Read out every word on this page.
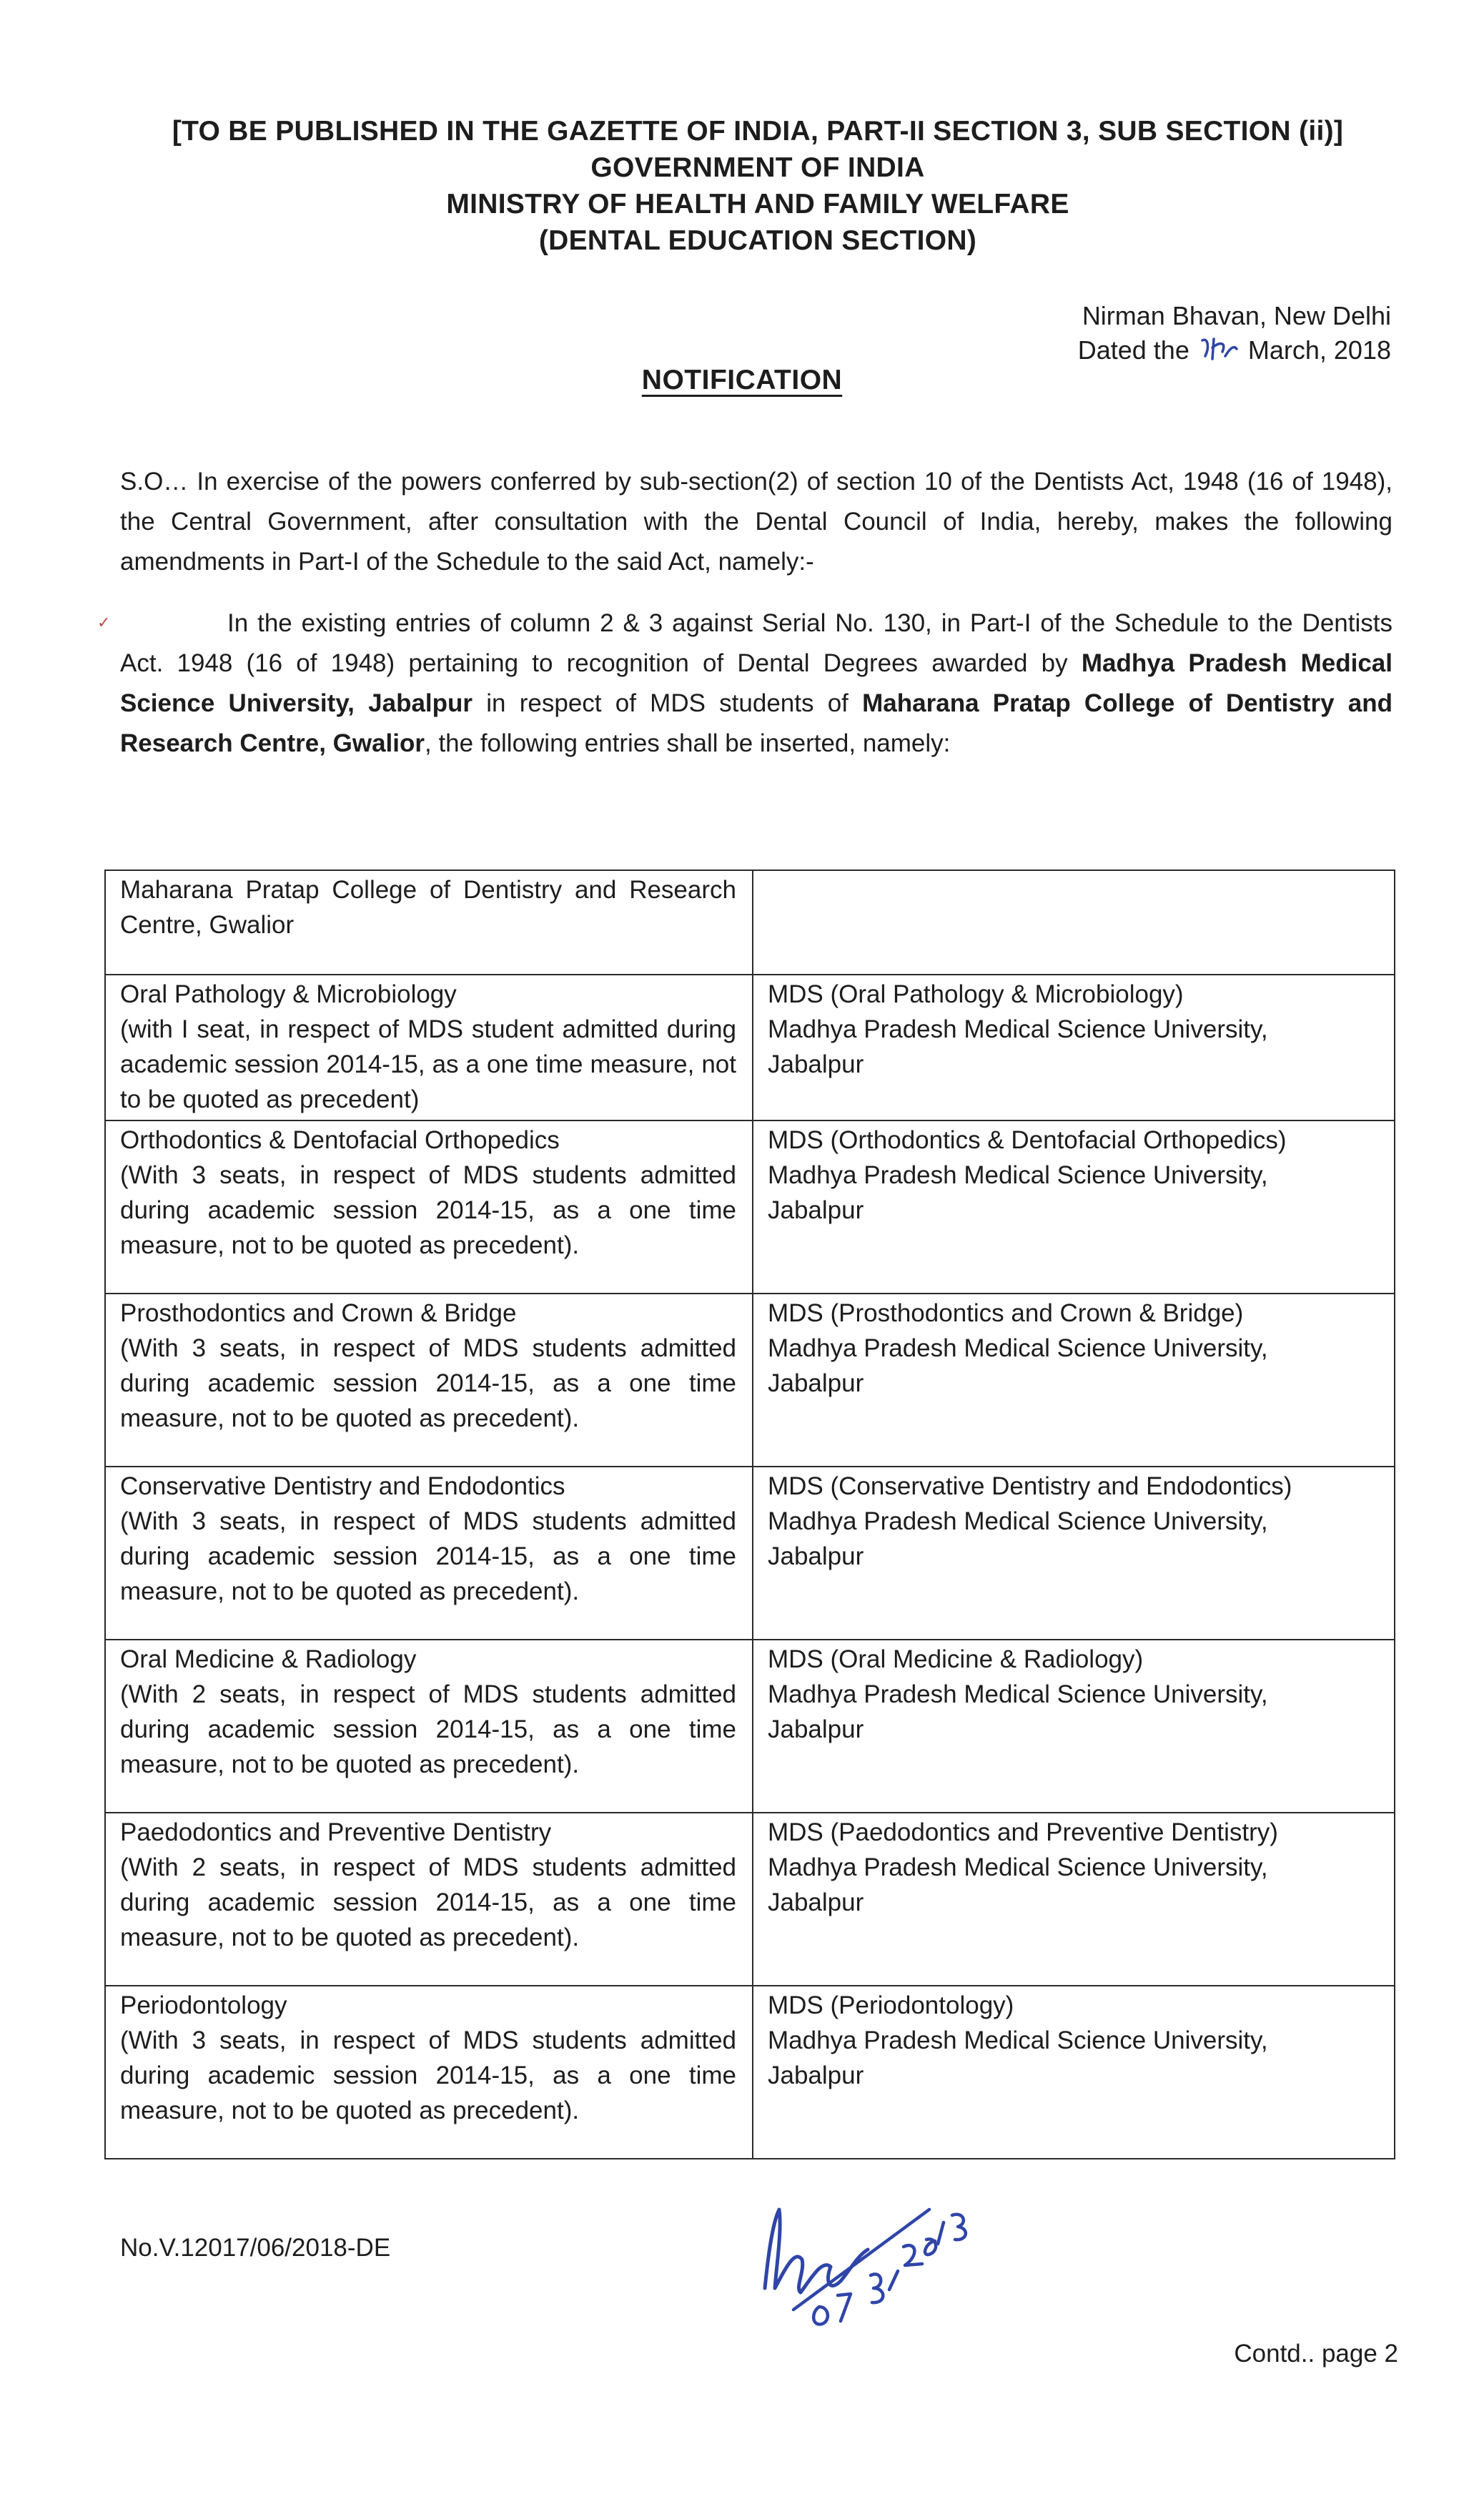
[TO BE PUBLISHED IN THE GAZETTE OF INDIA, PART-II SECTION 3, SUB SECTION (ii)]
GOVERNMENT OF INDIA
MINISTRY OF HEALTH AND FAMILY WELFARE
(DENTAL EDUCATION SECTION)
Nirman Bhavan, New Delhi
Dated the March, 2018
NOTIFICATION
S.O… In exercise of the powers conferred by sub-section(2) of section 10 of the Dentists Act, 1948 (16 of 1948), the Central Government, after consultation with the Dental Council of India, hereby, makes the following amendments in Part-I of the Schedule to the said Act, namely:-
✓	In the existing entries of column 2 & 3 against Serial No. 130, in Part-I of the Schedule to the Dentists Act. 1948 (16 of 1948) pertaining to recognition of Dental Degrees awarded by Madhya Pradesh Medical Science University, Jabalpur in respect of MDS students of Maharana Pratap College of Dentistry and Research Centre, Gwalior, the following entries shall be inserted, namely:
Maharana Pratap College of Dentistry and Research Centre, Gwalior	

Oral Pathology & Microbiology
(with I seat, in respect of MDS student admitted during academic session 2014-15, as a one time measure, not to be quoted as precedent)	MDS (Oral Pathology & Microbiology)
Madhya Pradesh Medical Science University,
Jabalpur

Orthodontics & Dentofacial Orthopedics
(With 3 seats, in respect of MDS students admitted during academic session 2014-15, as a one time measure, not to be quoted as precedent).	MDS (Orthodontics & Dentofacial Orthopedics)
Madhya Pradesh Medical Science University,
Jabalpur

Prosthodontics and Crown & Bridge
(With 3 seats, in respect of MDS students admitted during academic session 2014-15, as a one time measure, not to be quoted as precedent).	MDS (Prosthodontics and Crown & Bridge)
Madhya Pradesh Medical Science University,
Jabalpur

Conservative Dentistry and Endodontics
(With 3 seats, in respect of MDS students admitted during academic session 2014-15, as a one time measure, not to be quoted as precedent).	MDS (Conservative Dentistry and Endodontics)
Madhya Pradesh Medical Science University,
Jabalpur

Oral Medicine & Radiology
(With 2 seats, in respect of MDS students admitted during academic session 2014-15, as a one time measure, not to be quoted as precedent).	MDS (Oral Medicine & Radiology)
Madhya Pradesh Medical Science University,
Jabalpur

Paedodontics and Preventive Dentistry
(With 2 seats, in respect of MDS students admitted during academic session 2014-15, as a one time measure, not to be quoted as precedent).	MDS (Paedodontics and Preventive Dentistry)
Madhya Pradesh Medical Science University,
Jabalpur

Periodontology
(With 3 seats, in respect of MDS students admitted during academic session 2014-15, as a one time measure, not to be quoted as precedent).	MDS (Periodontology)
Madhya Pradesh Medical Science University,
Jabalpur
No.V.12017/06/2018-DE
Contd.. page 2
